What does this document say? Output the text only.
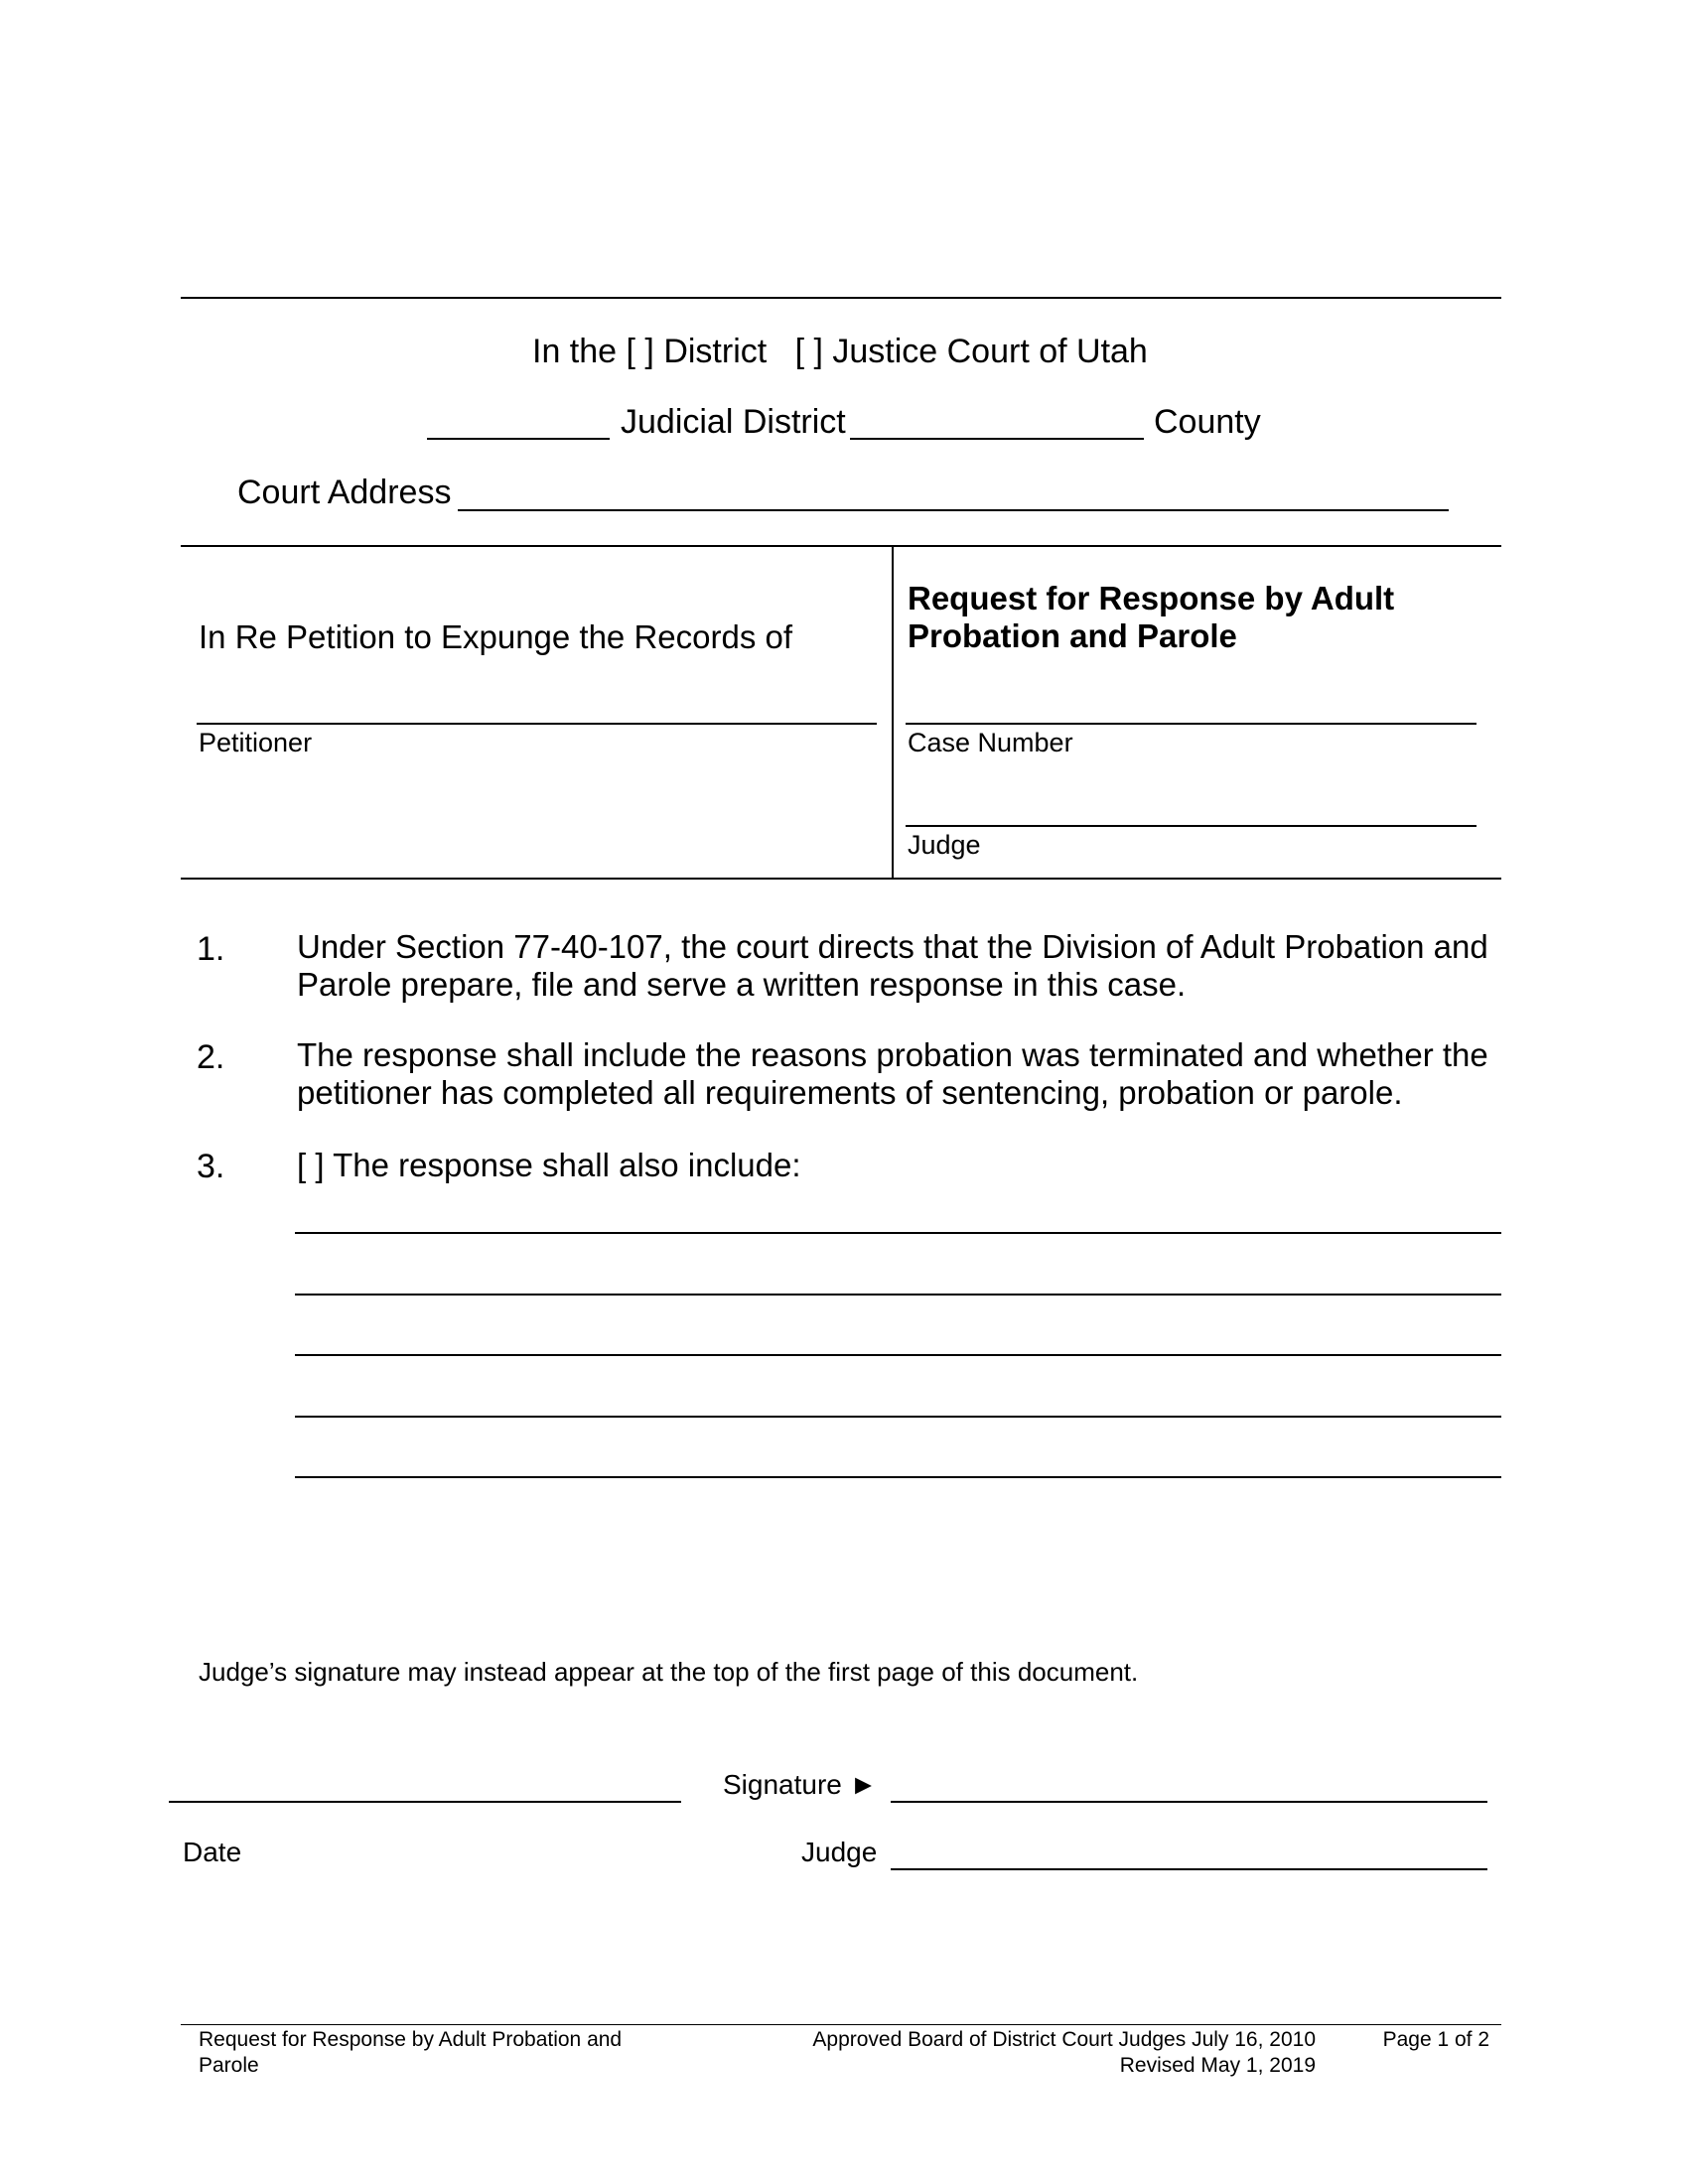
In the [ ] District [ ] Justice Court of Utah
Judicial District	County
Court Address
In Re Petition to Expunge the Records of
Petitioner
Request for Response by Adult Probation and Parole
Case Number
Judge
1. Under Section 77-40-107, the court directs that the Division of Adult Probation and Parole prepare, file and serve a written response in this case.
2. The response shall include the reasons probation was terminated and whether the petitioner has completed all requirements of sentencing, probation or parole.
3. [ ] The response shall also include:
Judge’s signature may instead appear at the top of the first page of this document.
Signature ►
Date	Judge
Request for Response by Adult Probation and Parole
Approved Board of District Court Judges July 16, 2010
Revised May 1, 2019
Page 1 of 2
